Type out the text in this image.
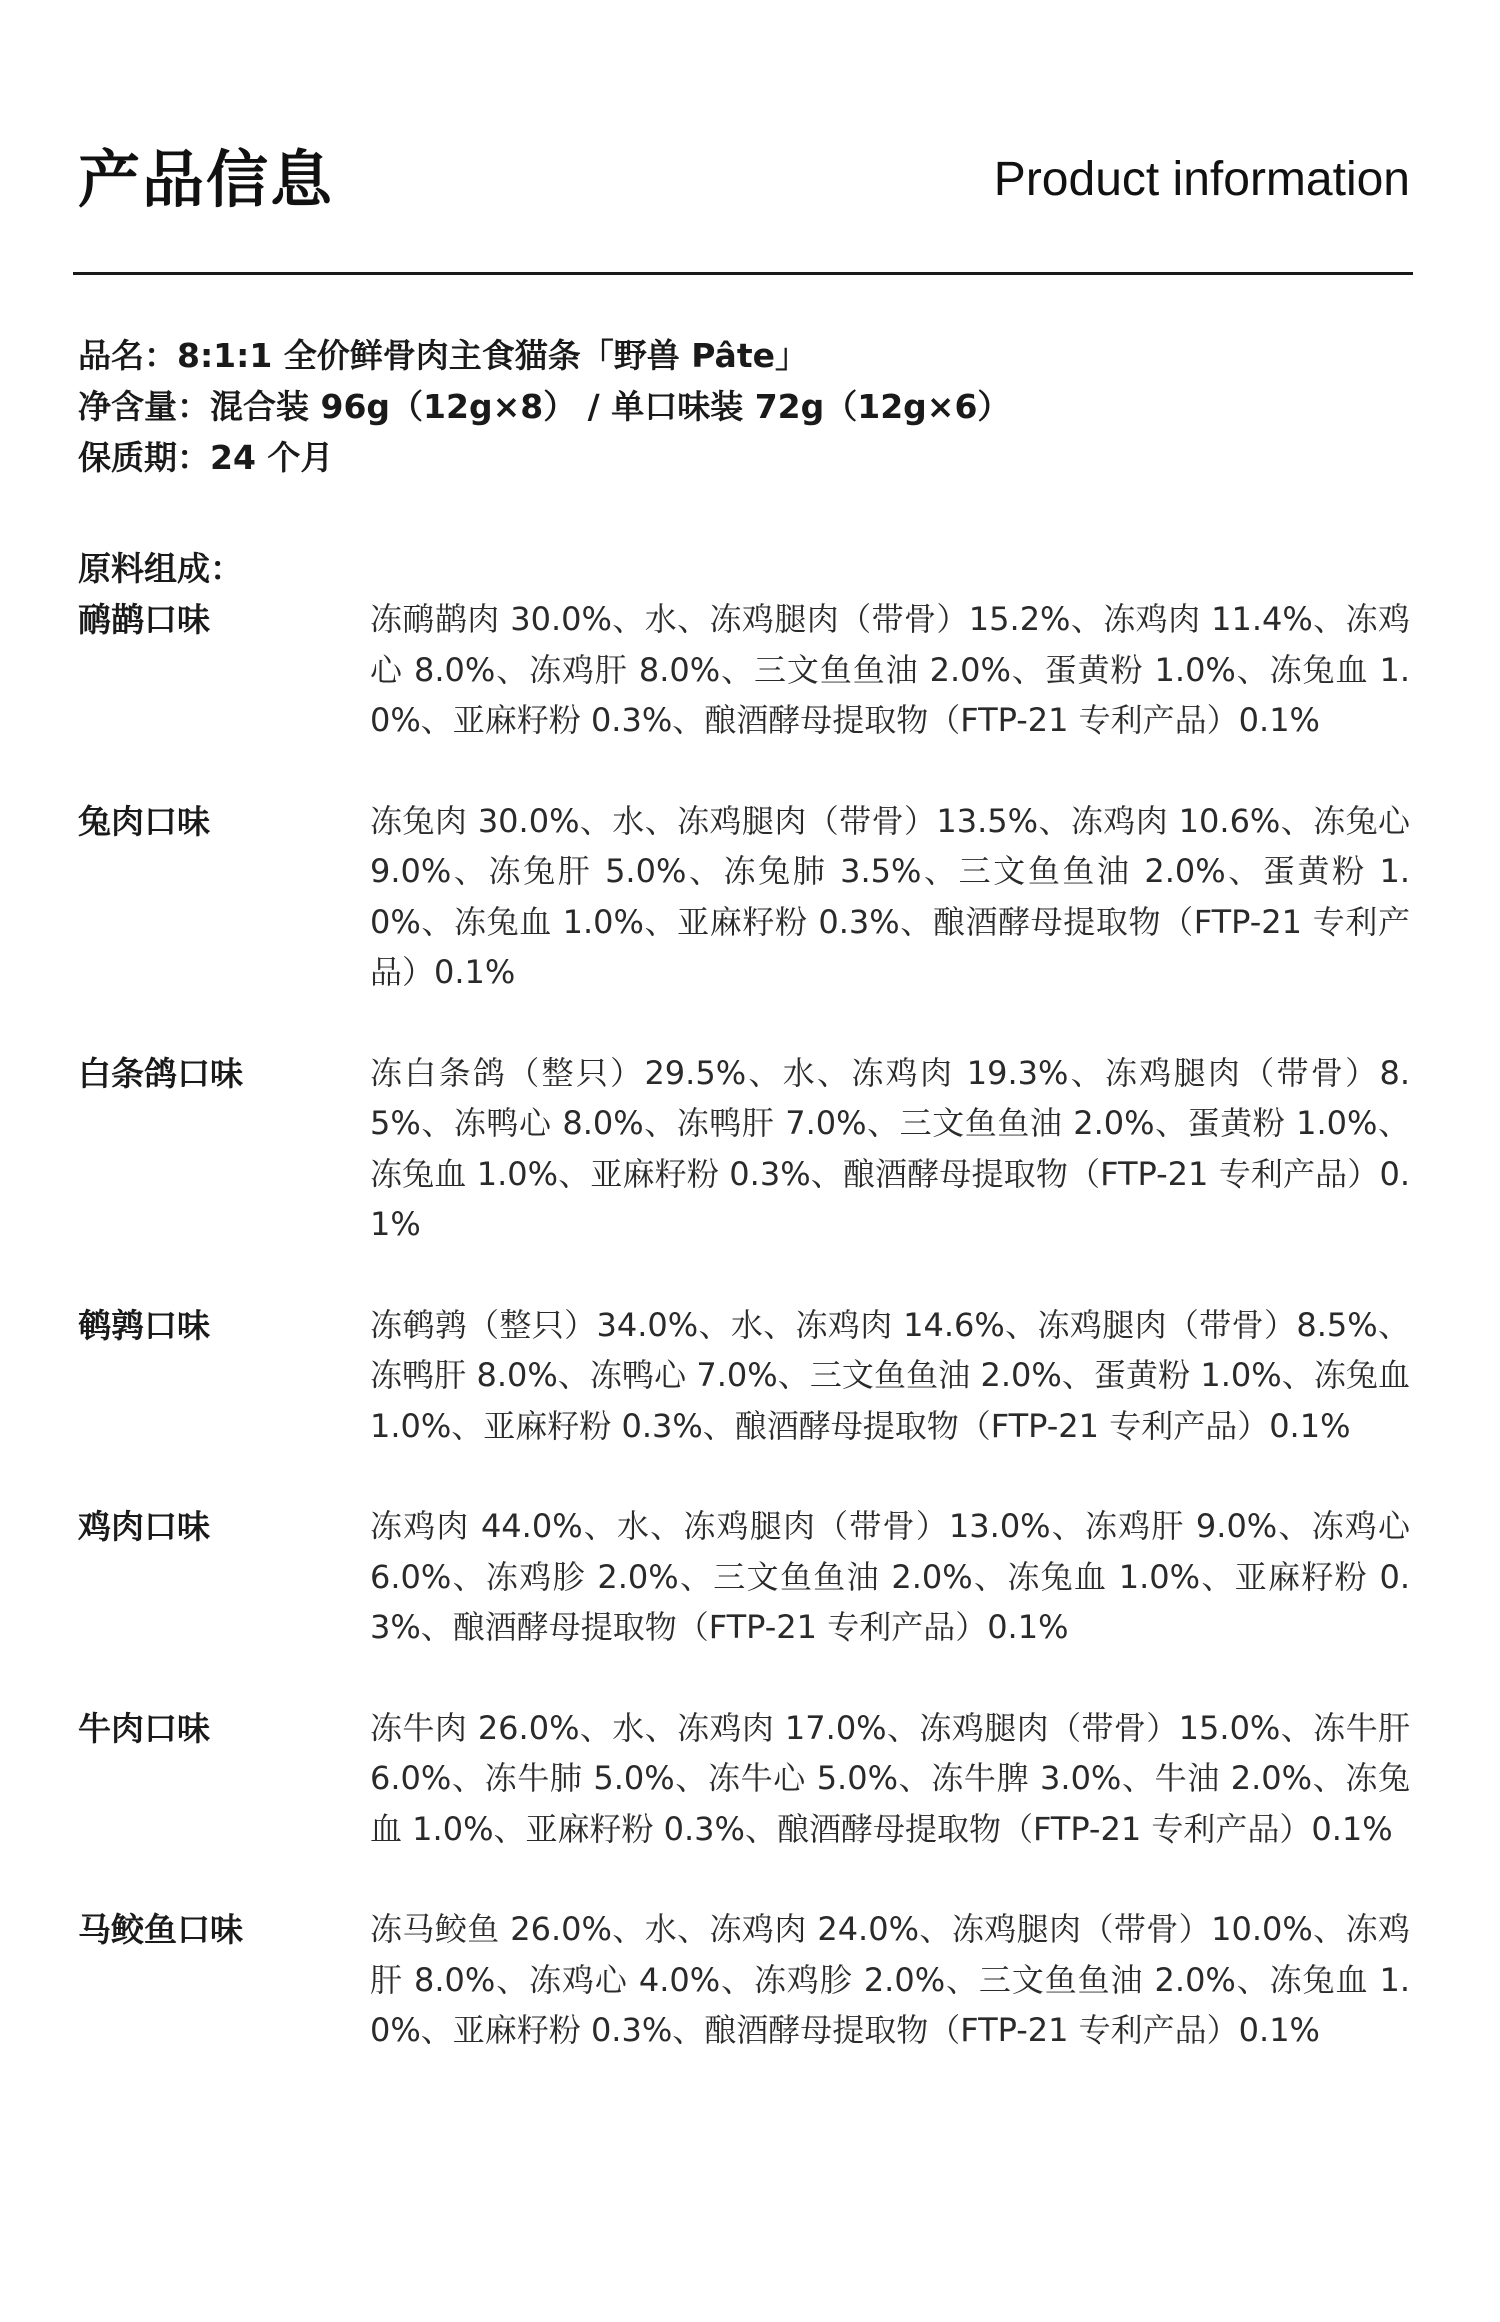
产品信息	Product information
品名：8:1:1 全价鲜骨肉主食猫条「野兽 Pâte」
净含量：混合装 96g（12g×8） / 单口味装 72g（12g×6）
保质期：24 个月
原料组成：
鸸鹋口味	冻鸸鹋肉 30.0%、水、冻鸡腿肉（带骨）15.2%、冻鸡肉 11.4%、冻鸡心 8.0%、冻鸡肝 8.0%、三文鱼鱼油 2.0%、蛋黄粉 1.0%、冻兔血 1.0%、亚麻籽粉 0.3%、酿酒酵母提取物（FTP-21 专利产品）0.1%
兔肉口味	冻兔肉 30.0%、水、冻鸡腿肉（带骨）13.5%、冻鸡肉 10.6%、冻兔心 9.0%、冻兔肝 5.0%、冻兔肺 3.5%、三文鱼鱼油 2.0%、蛋黄粉 1.0%、冻兔血 1.0%、亚麻籽粉 0.3%、酿酒酵母提取物（FTP-21 专利产品）0.1%
白条鸽口味	冻白条鸽（整只）29.5%、水、冻鸡肉 19.3%、冻鸡腿肉（带骨）8.5%、冻鸭心 8.0%、冻鸭肝 7.0%、三文鱼鱼油 2.0%、蛋黄粉 1.0%、冻兔血 1.0%、亚麻籽粉 0.3%、酿酒酵母提取物（FTP-21 专利产品）0.1%
鹌鹑口味	冻鹌鹑（整只）34.0%、水、冻鸡肉 14.6%、冻鸡腿肉（带骨）8.5%、冻鸭肝 8.0%、冻鸭心 7.0%、三文鱼鱼油 2.0%、蛋黄粉 1.0%、冻兔血 1.0%、亚麻籽粉 0.3%、酿酒酵母提取物（FTP-21 专利产品）0.1%
鸡肉口味	冻鸡肉 44.0%、水、冻鸡腿肉（带骨）13.0%、冻鸡肝 9.0%、冻鸡心 6.0%、冻鸡胗 2.0%、三文鱼鱼油 2.0%、冻兔血 1.0%、亚麻籽粉 0.3%、酿酒酵母提取物（FTP-21 专利产品）0.1%
牛肉口味	冻牛肉 26.0%、水、冻鸡肉 17.0%、冻鸡腿肉（带骨）15.0%、冻牛肝 6.0%、冻牛肺 5.0%、冻牛心 5.0%、冻牛脾 3.0%、牛油 2.0%、冻兔血 1.0%、亚麻籽粉 0.3%、酿酒酵母提取物（FTP-21 专利产品）0.1%
马鲛鱼口味	冻马鲛鱼 26.0%、水、冻鸡肉 24.0%、冻鸡腿肉（带骨）10.0%、冻鸡肝 8.0%、冻鸡心 4.0%、冻鸡胗 2.0%、三文鱼鱼油 2.0%、冻兔血 1.0%、亚麻籽粉 0.3%、酿酒酵母提取物（FTP-21 专利产品）0.1%
